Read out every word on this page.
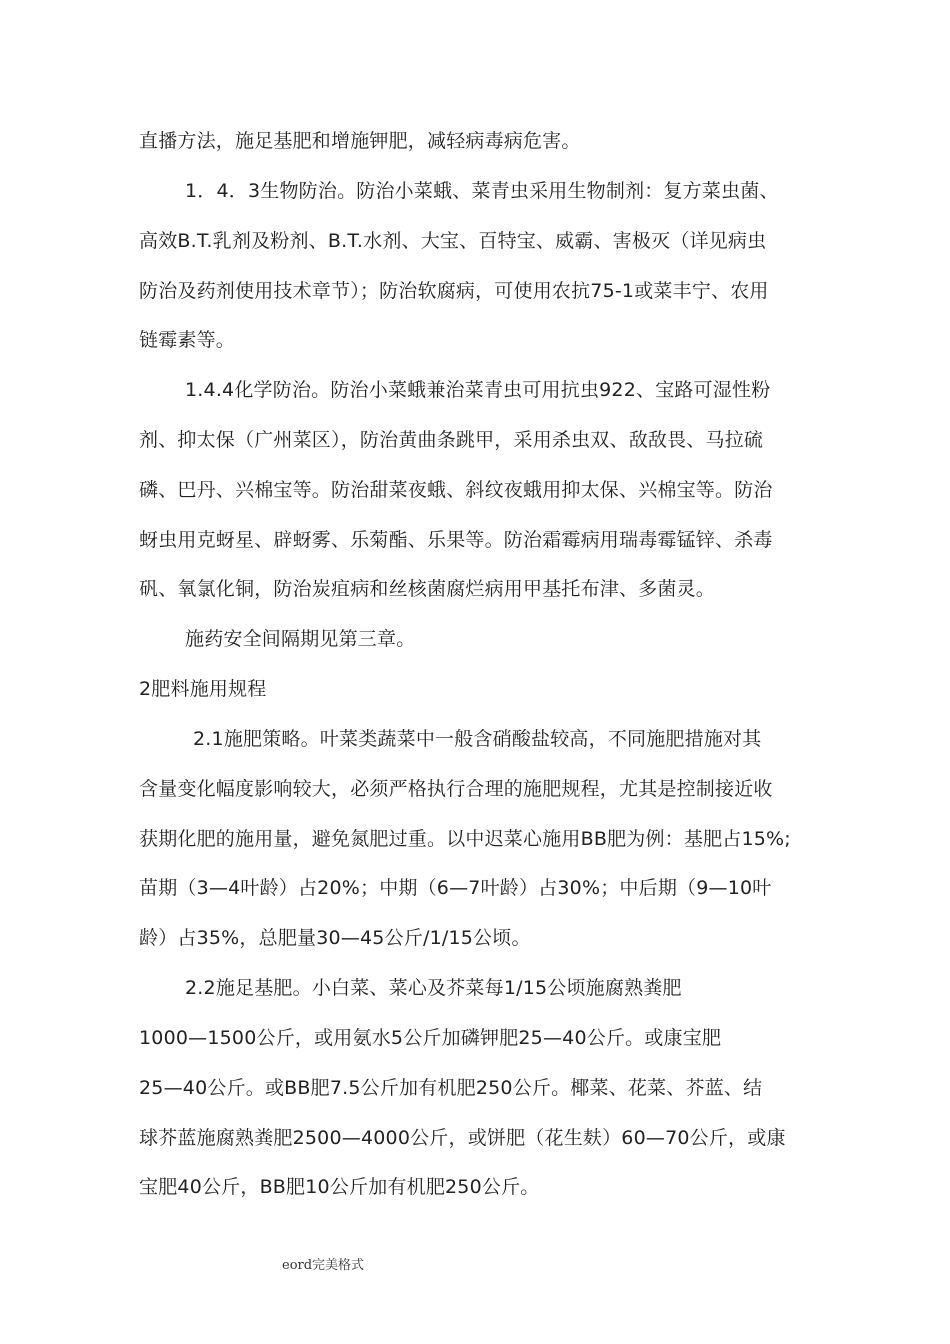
直播方法，施足基肥和增施钾肥，减轻病毒病危害。
1．4．3生物防治。防治小菜蛾、菜青虫采用生物制剂：复方菜虫菌、
高效B.T.乳剂及粉剂、B.T.水剂、大宝、百特宝、威霸、害极灭（详见病虫
防治及药剂使用技术章节）；防治软腐病，可使用农抗75-1或菜丰宁、农用
链霉素等。
1.4.4化学防治。防治小菜蛾兼治菜青虫可用抗虫922、宝路可湿性粉
剂、抑太保（广州菜区），防治黄曲条跳甲，采用杀虫双、敌敌畏、马拉硫
磷、巴丹、兴棉宝等。防治甜菜夜蛾、斜纹夜蛾用抑太保、兴棉宝等。防治
蚜虫用克蚜星、辟蚜雾、乐菊酯、乐果等。防治霜霉病用瑞毒霉锰锌、杀毒
矾、氧氯化铜，防治炭疽病和丝核菌腐烂病用甲基托布津、多菌灵。
施药安全间隔期见第三章。
2肥料施用规程
2.1施肥策略。叶菜类蔬菜中一般含硝酸盐较高，不同施肥措施对其
含量变化幅度影响较大，必须严格执行合理的施肥规程，尤其是控制接近收
获期化肥的施用量，避免氮肥过重。以中迟菜心施用BB肥为例：基肥占15%;
苗期（3—4叶龄）占20%；中期（6—7叶龄）占30%；中后期（9—10叶
龄）占35%，总肥量30—45公斤/1/15公顷。
2.2施足基肥。小白菜、菜心及芥菜每1/15公顷施腐熟粪肥
1000—1500公斤，或用氨水5公斤加磷钾肥25—40公斤。或康宝肥
25—40公斤。或BB肥7.5公斤加有机肥250公斤。椰菜、花菜、芥蓝、结
球芥蓝施腐熟粪肥2500—4000公斤，或饼肥（花生麸）60—70公斤，或康
宝肥40公斤，BB肥10公斤加有机肥250公斤。
eord完美格式
